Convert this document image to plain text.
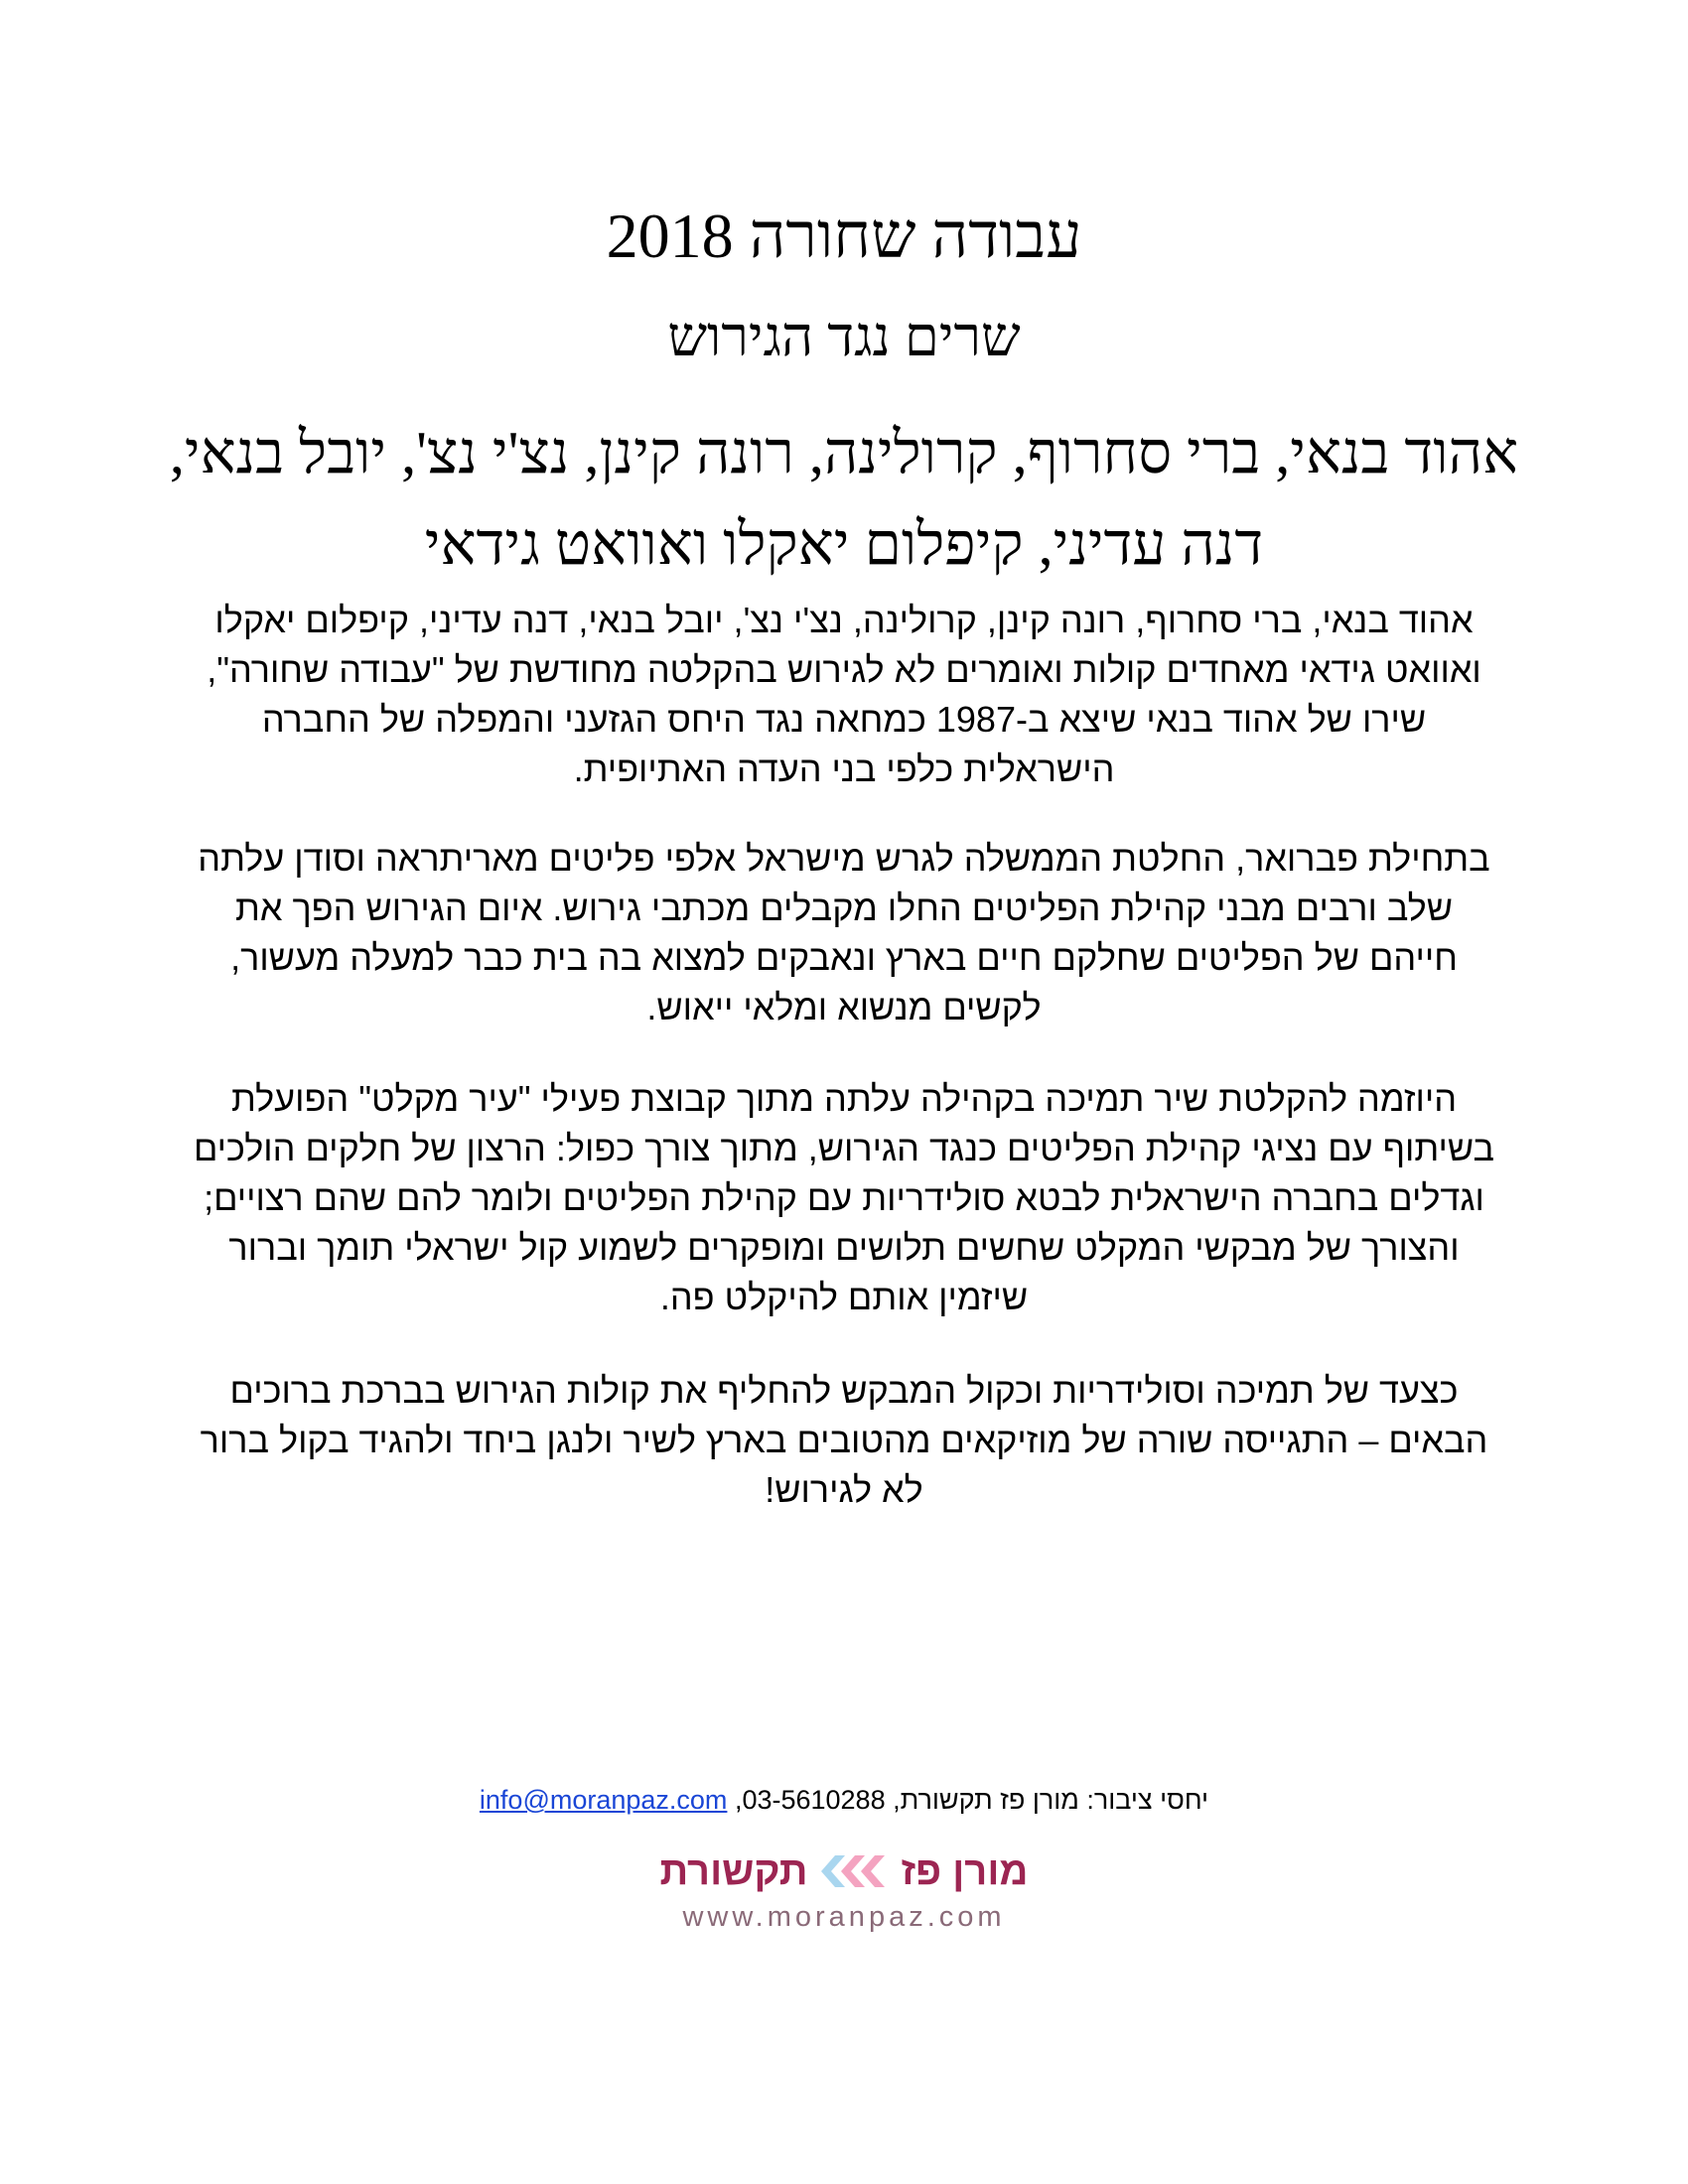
עבודה שחורה 2018
שרים נגד הגירוש
אהוד בנאי, ברי סחרוף, קרולינה, רונה קינן, נצ'י נצ', יובל בנאי, דנה עדיני, קיפלום יאקלו ואוואט גידאי

אהוד בנאי, ברי סחרוף, רונה קינן, קרולינה, נצ'י נצ', יובל בנאי, דנה עדיני, קיפלום יאקלו ואוואט גידאי מאחדים קולות ואומרים לא לגירוש בהקלטה מחודשת של "עבודה שחורה", שירו של אהוד בנאי שיצא ב-1987 כמחאה נגד היחס הגזעני והמפלה של החברה הישראלית כלפי בני העדה האתיופית.

בתחילת פברואר, החלטת הממשלה לגרש מישראל אלפי פליטים מאריתראה וסודן עלתה שלב ורבים מבני קהילת הפליטים החלו מקבלים מכתבי גירוש. איום הגירוש הפך את חייהם של הפליטים שחלקם חיים בארץ ונאבקים למצוא בה בית כבר למעלה מעשור, לקשים מנשוא ומלאי ייאוש.

היוזמה להקלטת שיר תמיכה בקהילה עלתה מתוך קבוצת פעילי "עיר מקלט" הפועלת בשיתוף עם נציגי קהילת הפליטים כנגד הגירוש, מתוך צורך כפול: הרצון של חלקים הולכים וגדלים בחברה הישראלית לבטא סולידריות עם קהילת הפליטים ולומר להם שהם רצויים; והצורך של מבקשי המקלט שחשים תלושים ומופקרים לשמוע קול ישראלי תומך וברור שיזמין אותם להיקלט פה.

כצעד של תמיכה וסולידריות וכקול המבקש להחליף את קולות הגירוש בברכת ברוכים הבאים – התגייסה שורה של מוזיקאים מהטובים בארץ לשיר ולנגן ביחד ולהגיד בקול ברור לא לגירוש!

יחסי ציבור: מורן פז תקשורת, 03-5610288, info@moranpaz.com
מורן פז
תקשורת
www.moranpaz.com
